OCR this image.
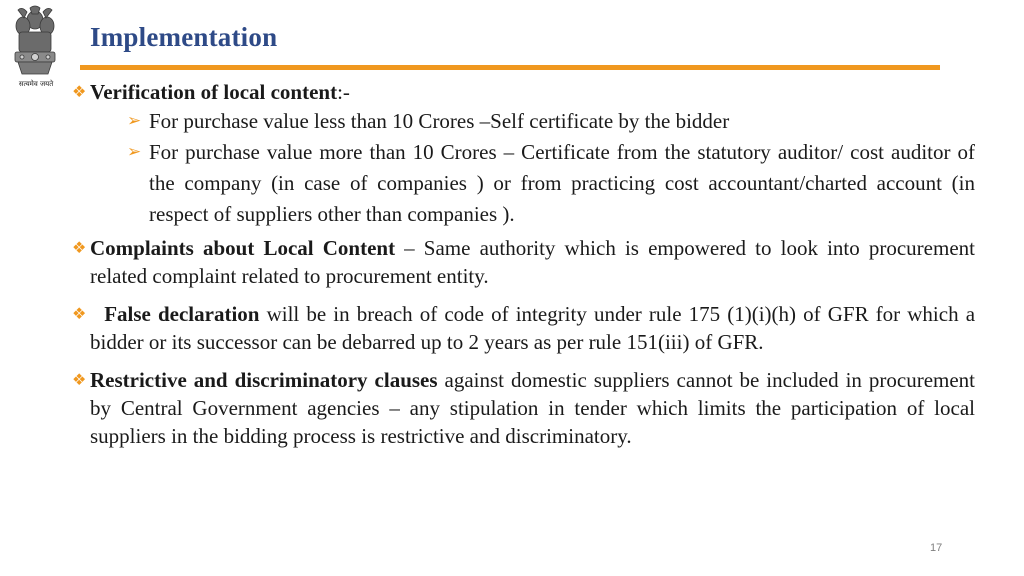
सत्यमेव जयते
Implementation
❖ Verification of local content:-
➢ For purchase value less than 10 Crores –Self certificate by the bidder
➢ For purchase value more than 10 Crores – Certificate from the statutory auditor/ cost auditor of the company (in case of companies ) or from practicing cost accountant/charted account (in respect of suppliers other than companies ).
❖ Complaints about Local Content – Same authority which is empowered to look into procurement related complaint related to procurement entity.
❖ False declaration will be in breach of code of integrity under rule 175 (1)(i)(h) of GFR for which a bidder or its successor can be debarred up to 2 years as per rule 151(iii) of GFR.
❖ Restrictive and discriminatory clauses against domestic suppliers cannot be included in procurement by Central Government agencies – any stipulation in tender which limits the participation of local suppliers in the bidding process is restrictive and discriminatory.
17
